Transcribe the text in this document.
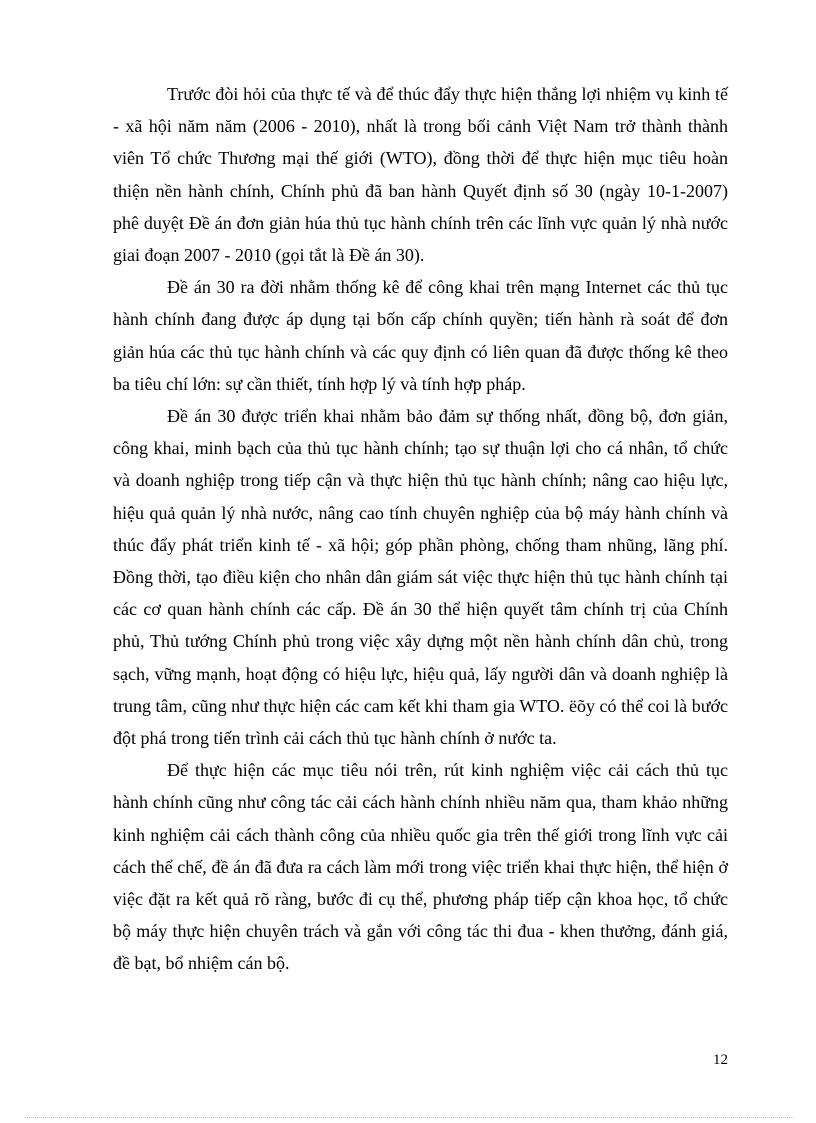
Trước đòi hỏi của thực tế và để thúc đẩy thực hiện thắng lợi nhiệm vụ kinh tế - xã hội năm năm (2006 - 2010), nhất là trong bối cảnh Việt Nam trở thành thành viên Tổ chức Thương mại thế giới (WTO), đồng thời để thực hiện mục tiêu hoàn thiện nền hành chính, Chính phủ đã ban hành Quyết định số 30 (ngày 10-1-2007) phê duyệt Đề án đơn giản húa thủ tục hành chính trên các lĩnh vực quản lý nhà nước giai đoạn 2007 - 2010 (gọi tắt là Đề án 30).

Đề án 30 ra đời nhằm thống kê để công khai trên mạng Internet các thủ tục hành chính đang được áp dụng tại bốn cấp chính quyền; tiến hành rà soát để đơn giản húa các thủ tục hành chính và các quy định có liên quan đã được thống kê theo ba tiêu chí lớn: sự cần thiết, tính hợp lý và tính hợp pháp.

Đề án 30 được triển khai nhằm bảo đảm sự thống nhất, đồng bộ, đơn giản, công khai, minh bạch của thủ tục hành chính; tạo sự thuận lợi cho cá nhân, tổ chức và doanh nghiệp trong tiếp cận và thực hiện thủ tục hành chính; nâng cao hiệu lực, hiệu quả quản lý nhà nước, nâng cao tính chuyên nghiệp của bộ máy hành chính và thúc đẩy phát triển kinh tế - xã hội; góp phần phòng, chống tham nhũng, lãng phí. Đồng thời, tạo điều kiện cho nhân dân giám sát việc thực hiện thủ tục hành chính tại các cơ quan hành chính các cấp. Đề án 30 thể hiện quyết tâm chính trị của Chính phủ, Thủ tướng Chính phủ trong việc xây dựng một nền hành chính dân chủ, trong sạch, vững mạnh, hoạt động có hiệu lực, hiệu quả, lấy người dân và doanh nghiệp là trung tâm, cũng như thực hiện các cam kết khi tham gia WTO. ëõy có thể coi là bước đột phá trong tiến trình cải cách thủ tục hành chính ở nước ta.

Để thực hiện các mục tiêu nói trên, rút kinh nghiệm việc cải cách thủ tục hành chính cũng như công tác cải cách hành chính nhiều năm qua, tham khảo những kinh nghiệm cải cách thành công của nhiều quốc gia trên thế giới trong lĩnh vực cải cách thể chế, đề án đã đưa ra cách làm mới trong việc triển khai thực hiện, thể hiện ở việc đặt ra kết quả rõ ràng, bước đi cụ thể, phương pháp tiếp cận khoa học, tổ chức bộ máy thực hiện chuyên trách và gắn với công tác thi đua - khen thưởng, đánh giá, đề bạt, bổ nhiệm cán bộ.

12
